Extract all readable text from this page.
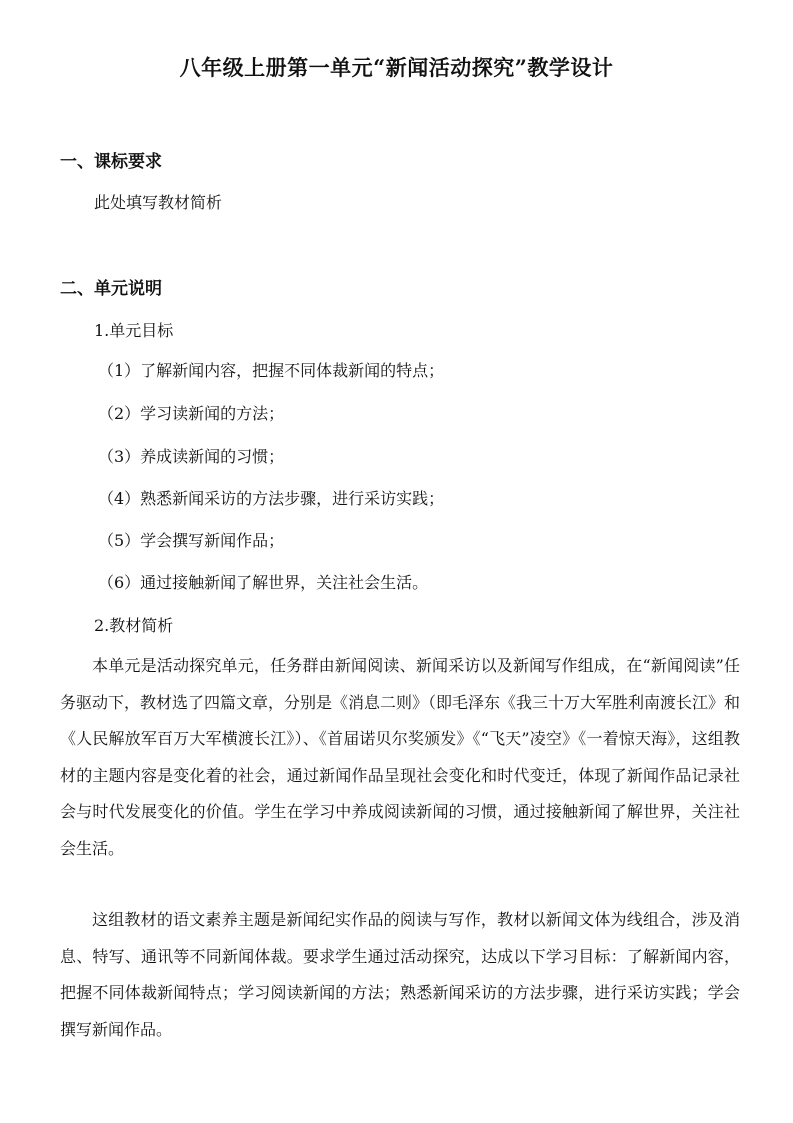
八年级上册第一单元“新闻活动探究”教学设计
一、课标要求
此处填写教材简析
二、单元说明
1.单元目标
（1）了解新闻内容，把握不同体裁新闻的特点；
（2）学习读新闻的方法；
（3）养成读新闻的习惯；
（4）熟悉新闻采访的方法步骤，进行采访实践；
（5）学会撰写新闻作品；
（6）通过接触新闻了解世界，关注社会生活。
2.教材简析
本单元是活动探究单元，任务群由新闻阅读、新闻采访以及新闻写作组成，在“新闻阅读”任务驱动下，教材选了四篇文章，分别是《消息二则》（即毛泽东《我三十万大军胜利南渡长江》和《人民解放军百万大军横渡长江》）、《首届诺贝尔奖颁发》《“飞天”凌空》《一着惊天海》，这组教材的主题内容是变化着的社会，通过新闻作品呈现社会变化和时代变迁，体现了新闻作品记录社会与时代发展变化的价值。学生在学习中养成阅读新闻的习惯，通过接触新闻了解世界，关注社会生活。
这组教材的语文素养主题是新闻纪实作品的阅读与写作，教材以新闻文体为线组合，涉及消息、特写、通讯等不同新闻体裁。要求学生通过活动探究，达成以下学习目标：了解新闻内容，把握不同体裁新闻特点；学习阅读新闻的方法；熟悉新闻采访的方法步骤，进行采访实践；学会撰写新闻作品。
